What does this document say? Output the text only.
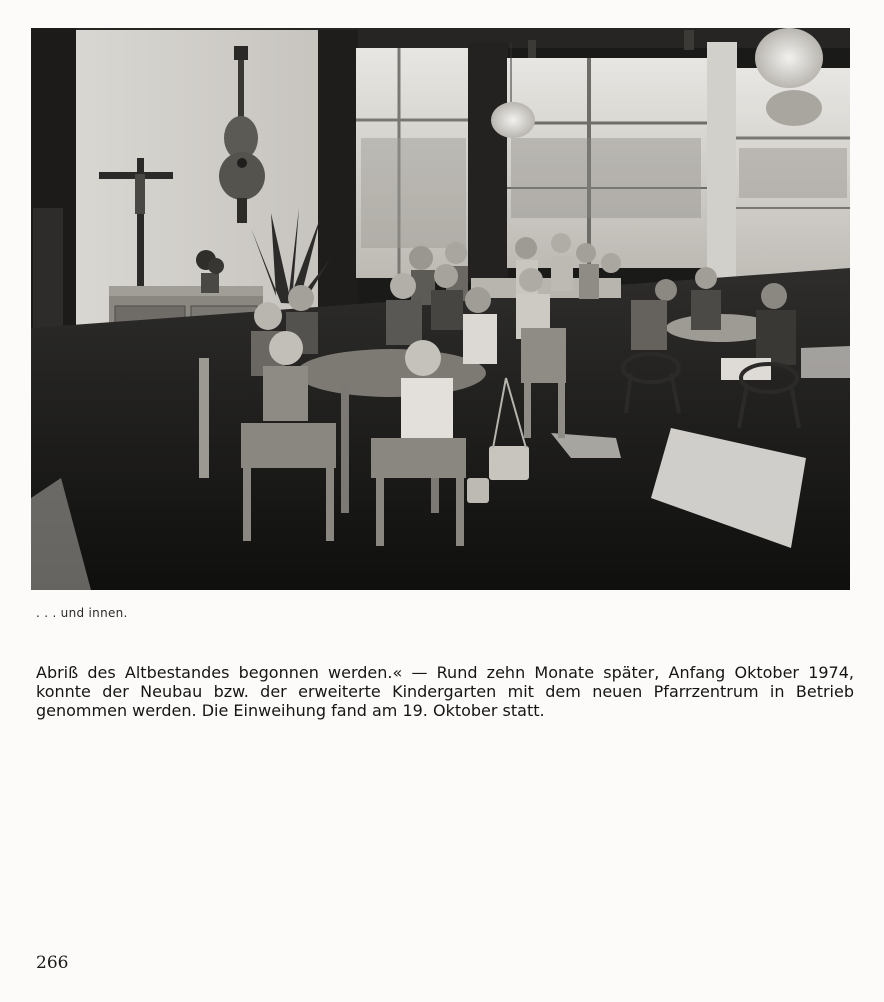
. . . und innen.

Abriß des Altbestandes begonnen werden.« — Rund zehn Monate später, Anfang Oktober 1974, konnte der Neubau bzw. der erweiterte Kindergarten mit dem neuen Pfarrzentrum in Betrieb genommen werden. Die Einweihung fand am 19. Oktober statt.

266
